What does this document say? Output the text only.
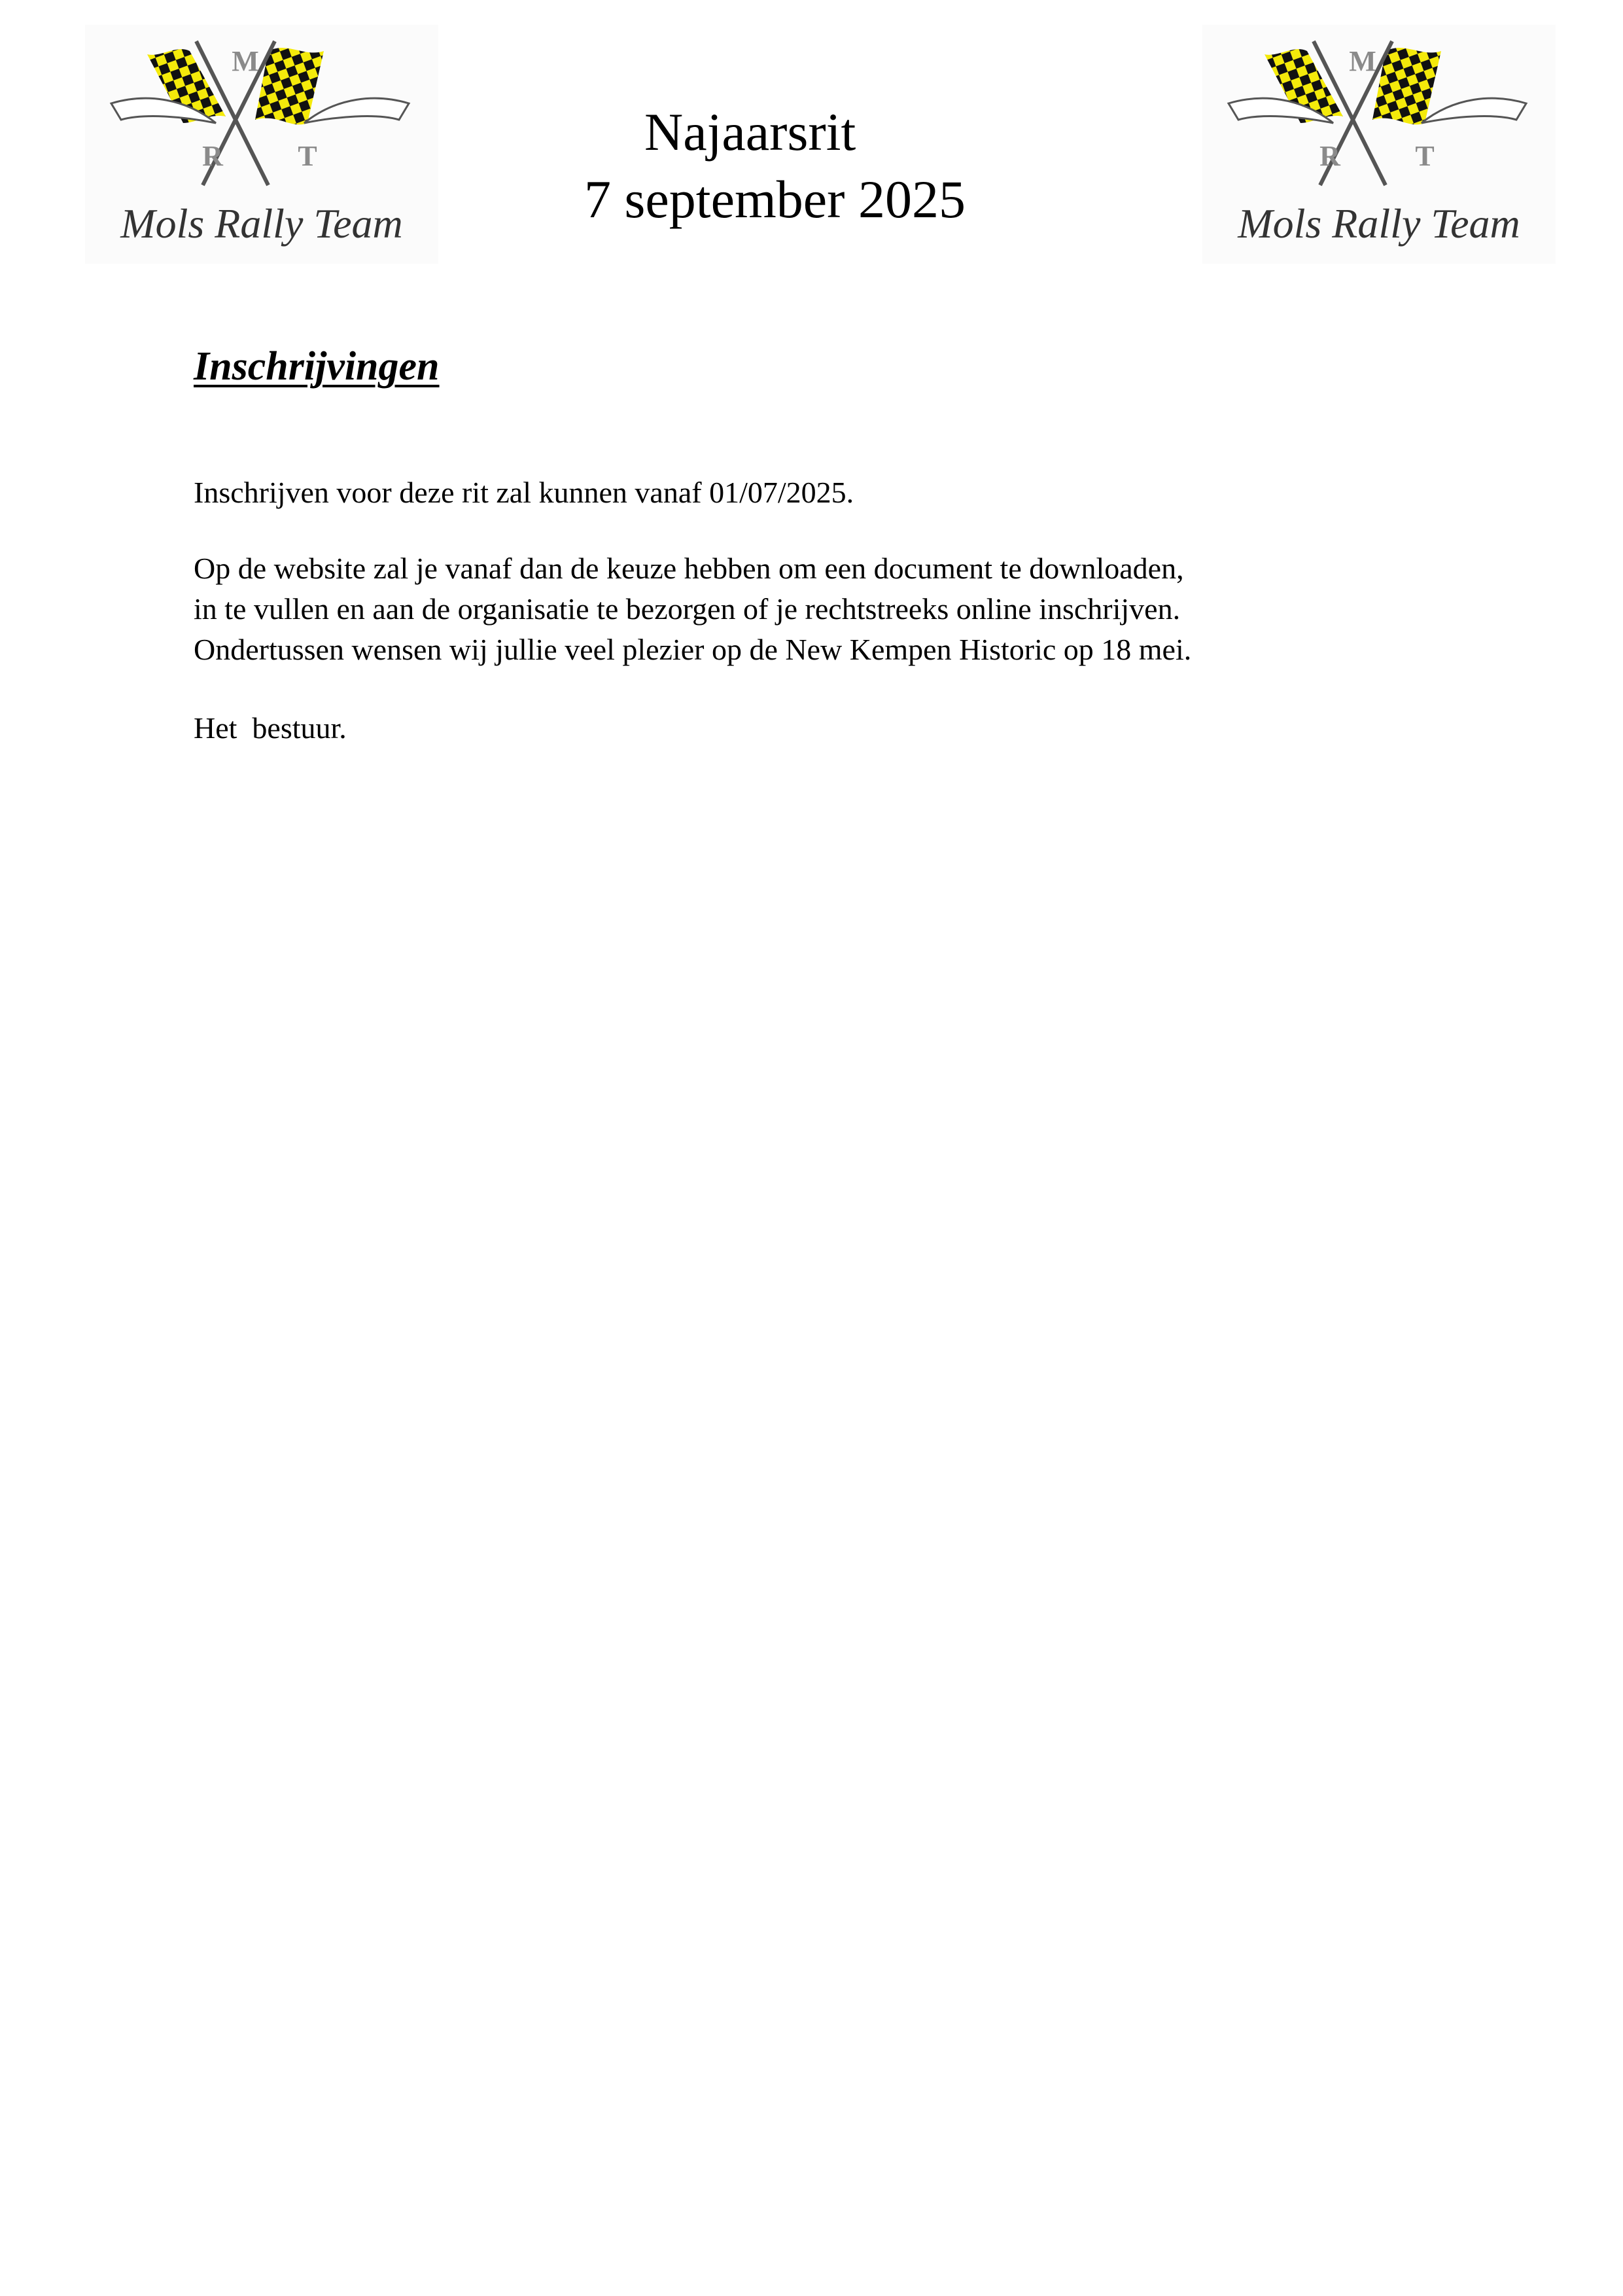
M
R	T
Mols Rally Team
M
R	T
Mols Rally Team
Najaarsrit
7 september 2025
Inschrijvingen
Inschrijven voor deze rit zal kunnen vanaf 01/07/2025.
Op de website zal je vanaf dan de keuze hebben om een document te downloaden,
in te vullen en aan de organisatie te bezorgen of je rechtstreeks online inschrijven.
Ondertussen wensen wij jullie veel plezier op de New Kempen Historic op 18 mei.
Het  bestuur.
